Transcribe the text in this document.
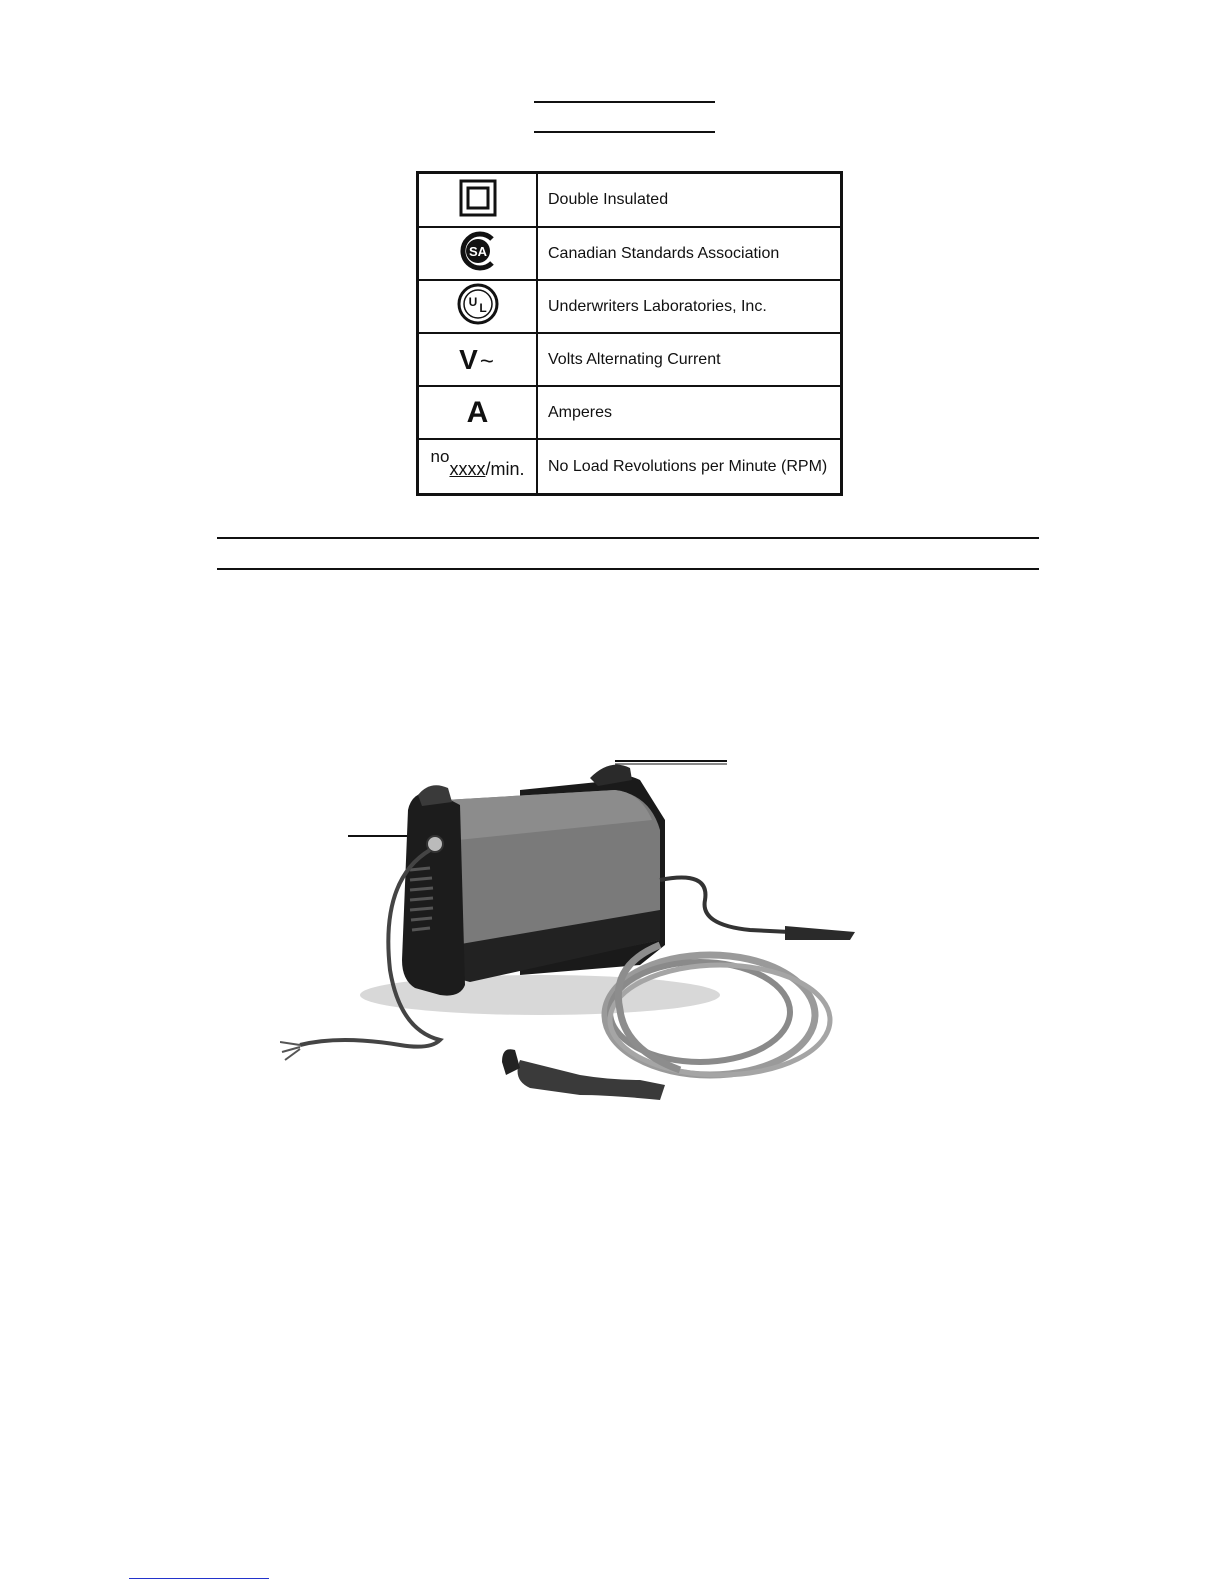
	Double Insulated

SA	Canadian Standards Association

U L	Underwriters Laboratories, Inc.
V~	Volts Alternating Current
A	Amperes
noxxxx/min.	No Load Revolutions per Minute (RPM)
